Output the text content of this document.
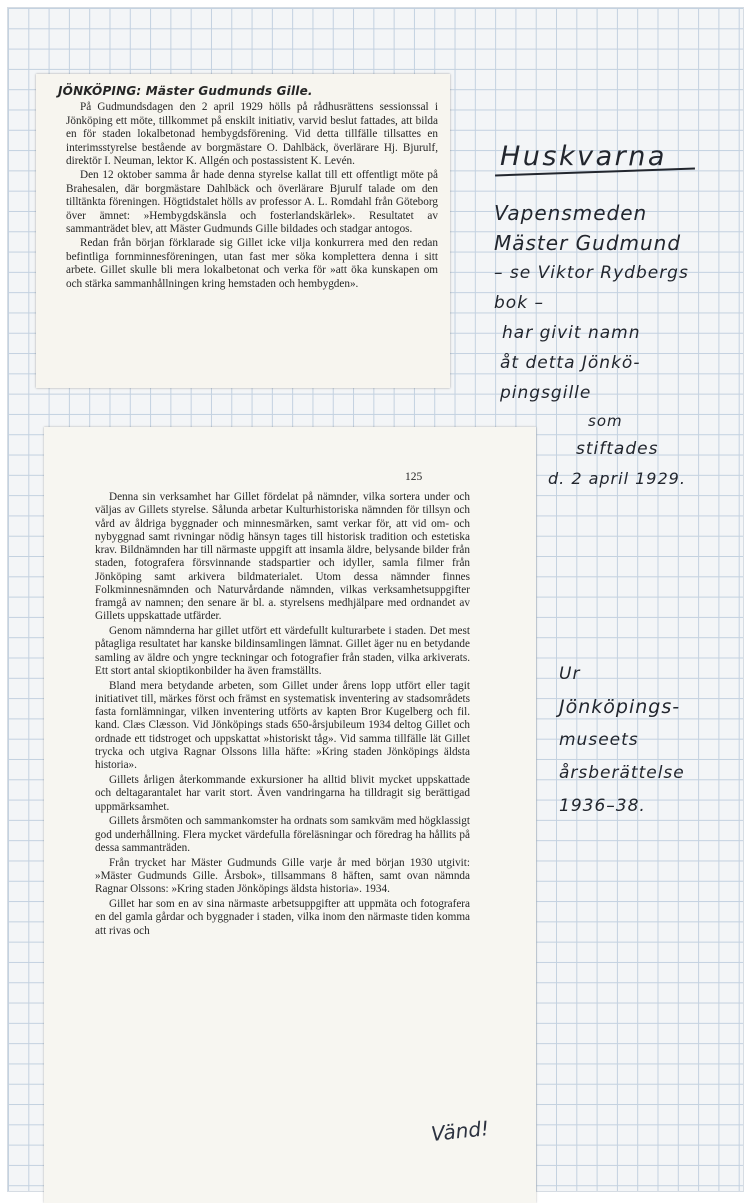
JÖNKÖPING: Mäster Gudmunds Gille.

På Gudmundsdagen den 2 april 1929 hölls på rådhusrättens sessionssal i Jönköping ett möte, tillkommet på enskilt initiativ, varvid beslut fattades, att bilda en för staden lokalbetonad hembygdsförening. Vid detta tillfälle tillsattes en interimsstyrelse bestående av borgmästare O. Dahlbäck, överlärare Hj. Bjurulf, direktör I. Neuman, lektor K. Allgén och postassistent K. Levén.

Den 12 oktober samma år hade denna styrelse kallat till ett offentligt möte på Brahesalen, där borgmästare Dahlbäck och överlärare Bjurulf talade om den tilltänkta föreningen. Högtidstalet hölls av professor A. L. Romdahl från Göteborg över ämnet: »Hembygdskänsla och fosterlandskärlek». Resultatet av sammanträdet blev, att Mäster Gudmunds Gille bildades och stadgar antogos.

Redan från början förklarade sig Gillet icke vilja konkurrera med den redan befintliga fornminnesföreningen, utan fast mer söka komplettera denna i sitt arbete. Gillet skulle bli mera lokalbetonat och verka för »att öka kunskapen om och stärka sammanhållningen kring hemstaden och hembygden».

125

Denna sin verksamhet har Gillet fördelat på nämnder, vilka sortera under och väljas av Gillets styrelse. Sålunda arbetar Kulturhistoriska nämnden för tillsyn och vård av åldriga byggnader och minnesmärken, samt verkar för, att vid om- och nybyggnad samt rivningar nödig hänsyn tages till historisk tradition och estetiska krav. Bildnämnden har till närmaste uppgift att insamla äldre, belysande bilder från staden, fotografera försvinnande stadspartier och idyller, samla filmer från Jönköping samt arkivera bildmaterialet. Utom dessa nämnder finnes Folkminnesnämnden och Naturvårdande nämnden, vilkas verksamhetsuppgifter framgå av namnen; den senare är bl. a. styrelsens medhjälpare med ordnandet av Gillets uppskattade utfärder.

Genom nämnderna har gillet utfört ett värdefullt kulturarbete i staden. Det mest påtagliga resultatet har kanske bildinsamlingen lämnat. Gillet äger nu en betydande samling av äldre och yngre teckningar och fotografier från staden, vilka arkiverats. Ett stort antal skioptikonbilder ha även framställts.

Bland mera betydande arbeten, som Gillet under årens lopp utfört eller tagit initiativet till, märkes först och främst en systematisk inventering av stadsområdets fasta fornlämningar, vilken inventering utförts av kapten Bror Kugelberg och fil. kand. Clæs Clæsson. Vid Jönköpings stads 650-årsjubileum 1934 deltog Gillet och ordnade ett tidstroget och uppskattat »historiskt tåg». Vid samma tillfälle lät Gillet trycka och utgiva Ragnar Olssons lilla häfte: »Kring staden Jönköpings äldsta historia».

Gillets årligen återkommande exkursioner ha alltid blivit mycket uppskattade och deltagarantalet har varit stort. Även vandringarna ha tilldragit sig berättigad uppmärksamhet.

Gillets årsmöten och sammankomster ha ordnats som samkväm med högklassigt god underhållning. Flera mycket värdefulla föreläsningar och föredrag ha hållits på dessa sammanträden.

Från trycket har Mäster Gudmunds Gille varje år med början 1930 utgivit: »Mäster Gudmunds Gille. Årsbok», tillsammans 8 häften, samt ovan nämnda Ragnar Olssons: »Kring staden Jönköpings äldsta historia». 1934.

Gillet har som en av sina närmaste arbetsuppgifter att uppmäta och fotografera en del gamla gårdar och byggnader i staden, vilka inom den närmaste tiden komma att rivas och

Vänd!
Huskvarna
Vapensmeden
Mäster Gudmund
– se Viktor Rydbergs
bok –
har givit namn
åt detta Jönkö-
pingsgille
som
stiftades
d. 2 april 1929.
Ur
Jönköpings-
museets
årsberättelse
1936–38.
